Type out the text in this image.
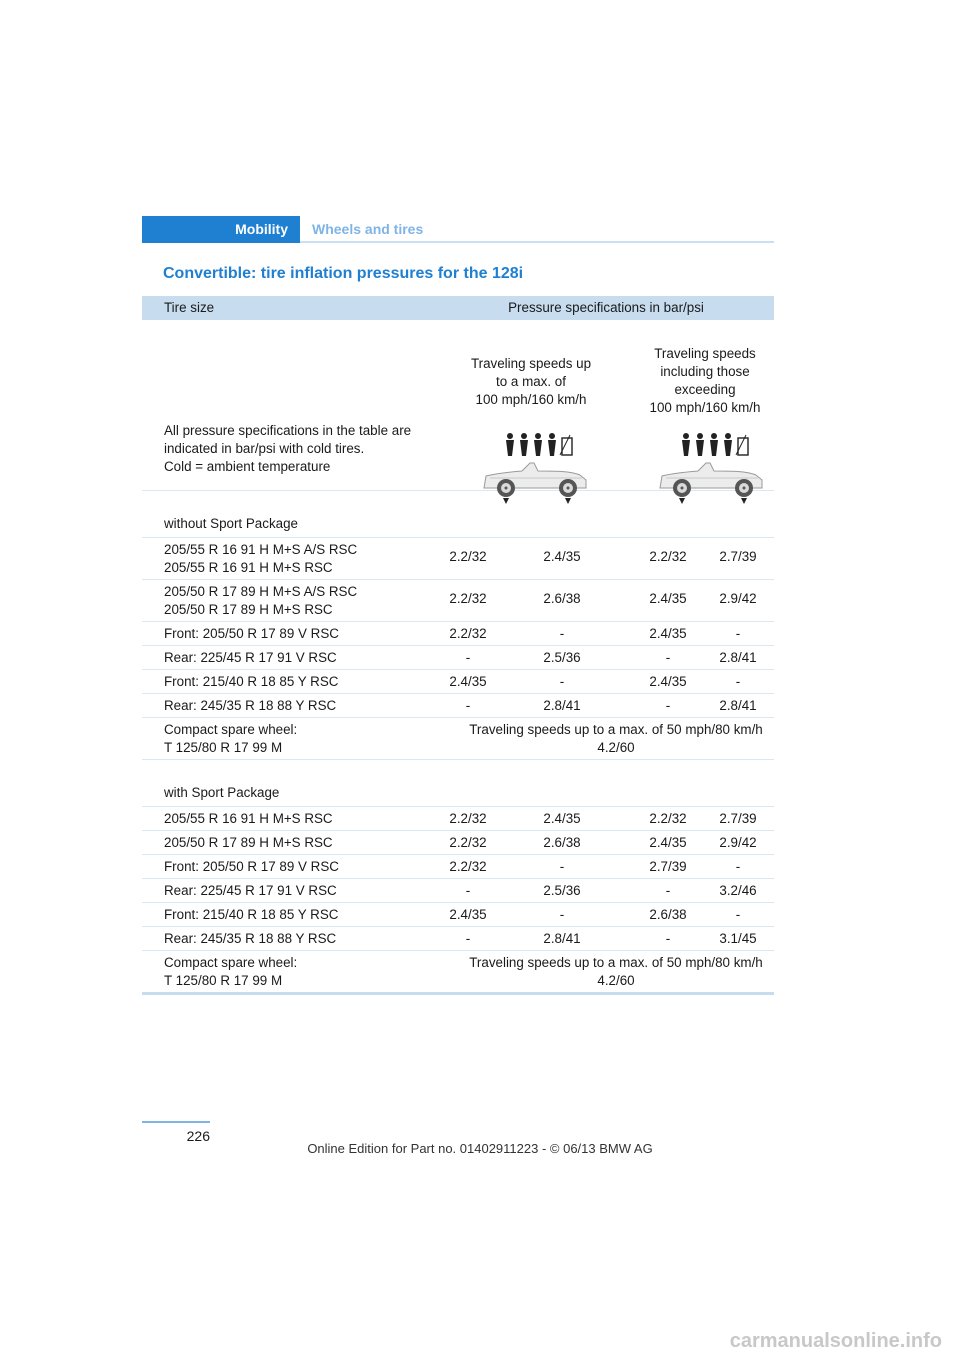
Mobility	Wheels and tires
Convertible: tire inflation pressures for the 128i
Tire size	Pressure specifications in bar/psi
Traveling speeds up
to a max. of
100 mph/160 km/h
Traveling speeds
including those
exceeding
100 mph/160 km/h
All pressure specifications in the table are
indicated in bar/psi with cold tires.
Cold = ambient temperature
without Sport Package
205/55 R 16 91 H M+S A/S RSC
205/55 R 16 91 H M+S RSC
2.2/32	2.4/35	2.2/32	2.7/39
205/50 R 17 89 H M+S A/S RSC
205/50 R 17 89 H M+S RSC
2.2/32	2.6/38	2.4/35	2.9/42
Front: 205/50 R 17 89 V RSC	2.2/32	-	2.4/35	-
Rear: 225/45 R 17 91 V RSC	-	2.5/36	-	2.8/41
Front: 215/40 R 18 85 Y RSC	2.4/35	-	2.4/35	-
Rear: 245/35 R 18 88 Y RSC	-	2.8/41	-	2.8/41
Compact spare wheel:
T 125/80 R 17 99 M
Traveling speeds up to a max. of 50 mph/80 km/h
4.2/60
with Sport Package
205/55 R 16 91 H M+S RSC	2.2/32	2.4/35	2.2/32	2.7/39
205/50 R 17 89 H M+S RSC	2.2/32	2.6/38	2.4/35	2.9/42
Front: 205/50 R 17 89 V RSC	2.2/32	-	2.7/39	-
Rear: 225/45 R 17 91 V RSC	-	2.5/36	-	3.2/46
Front: 215/40 R 18 85 Y RSC	2.4/35	-	2.6/38	-
Rear: 245/35 R 18 88 Y RSC	-	2.8/41	-	3.1/45
Compact spare wheel:
T 125/80 R 17 99 M
Traveling speeds up to a max. of 50 mph/80 km/h
4.2/60
226
Online Edition for Part no. 01402911223 - © 06/13 BMW AG
carmanualsonline.info
